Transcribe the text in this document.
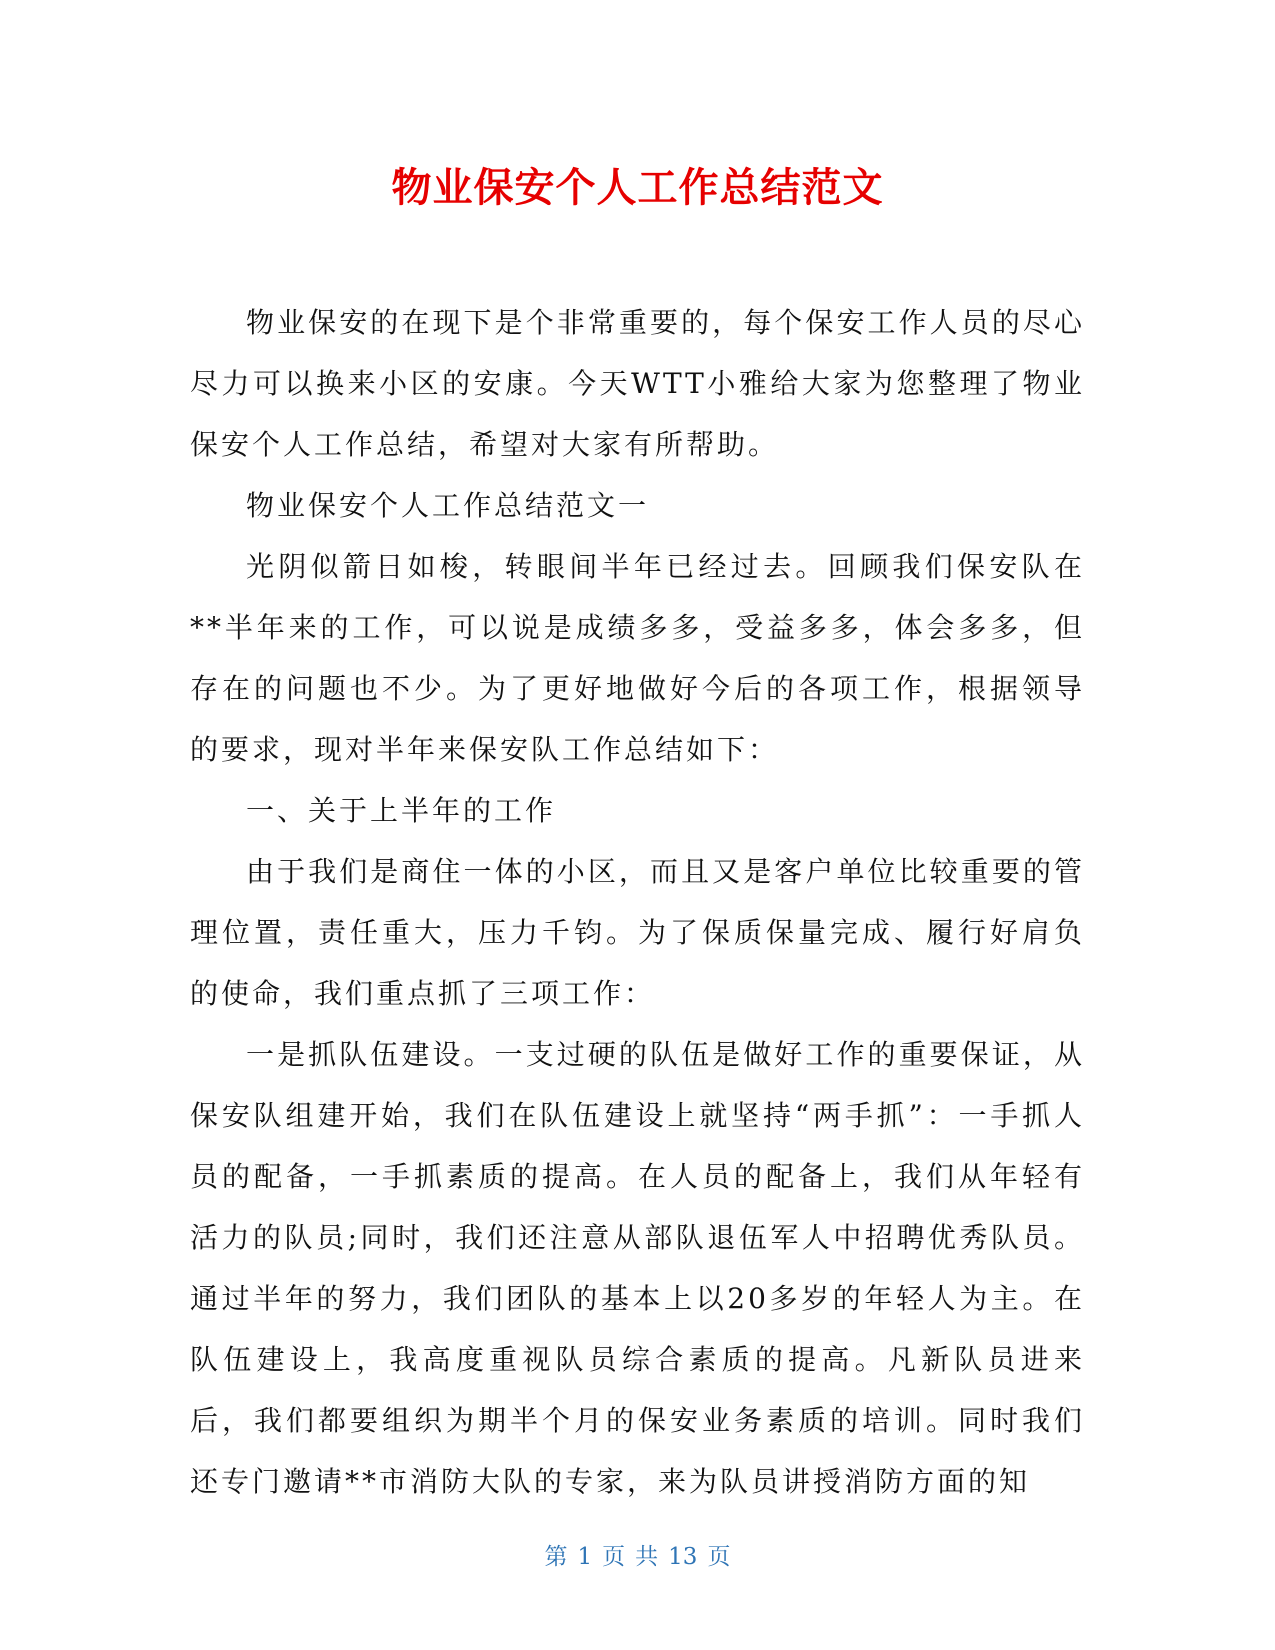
物业保安个人工作总结范文

物业保安的在现下是个非常重要的，每个保安工作人员的尽心尽力可以换来小区的安康。今天WTT小雅给大家为您整理了物业保安个人工作总结，希望对大家有所帮助。

物业保安个人工作总结范文一

光阴似箭日如梭，转眼间半年已经过去。回顾我们保安队在**半年来的工作，可以说是成绩多多，受益多多，体会多多，但存在的问题也不少。为了更好地做好今后的各项工作，根据领导的要求，现对半年来保安队工作总结如下：

一、关于上半年的工作

由于我们是商住一体的小区，而且又是客户单位比较重要的管理位置，责任重大，压力千钧。为了保质保量完成、履行好肩负的使命，我们重点抓了三项工作：

一是抓队伍建设。一支过硬的队伍是做好工作的重要保证，从保安队组建开始，我们在队伍建设上就坚持“两手抓”：一手抓人员的配备，一手抓素质的提高。在人员的配备上，我们从年轻有活力的队员;同时，我们还注意从部队退伍军人中招聘优秀队员。通过半年的努力，我们团队的基本上以20多岁的年轻人为主。在队伍建设上，我高度重视队员综合素质的提高。凡新队员进来后，我们都要组织为期半个月的保安业务素质的培训。同时我们还专门邀请**市消防大队的专家，来为队员讲授消防方面的知

第 1 页 共 13 页
